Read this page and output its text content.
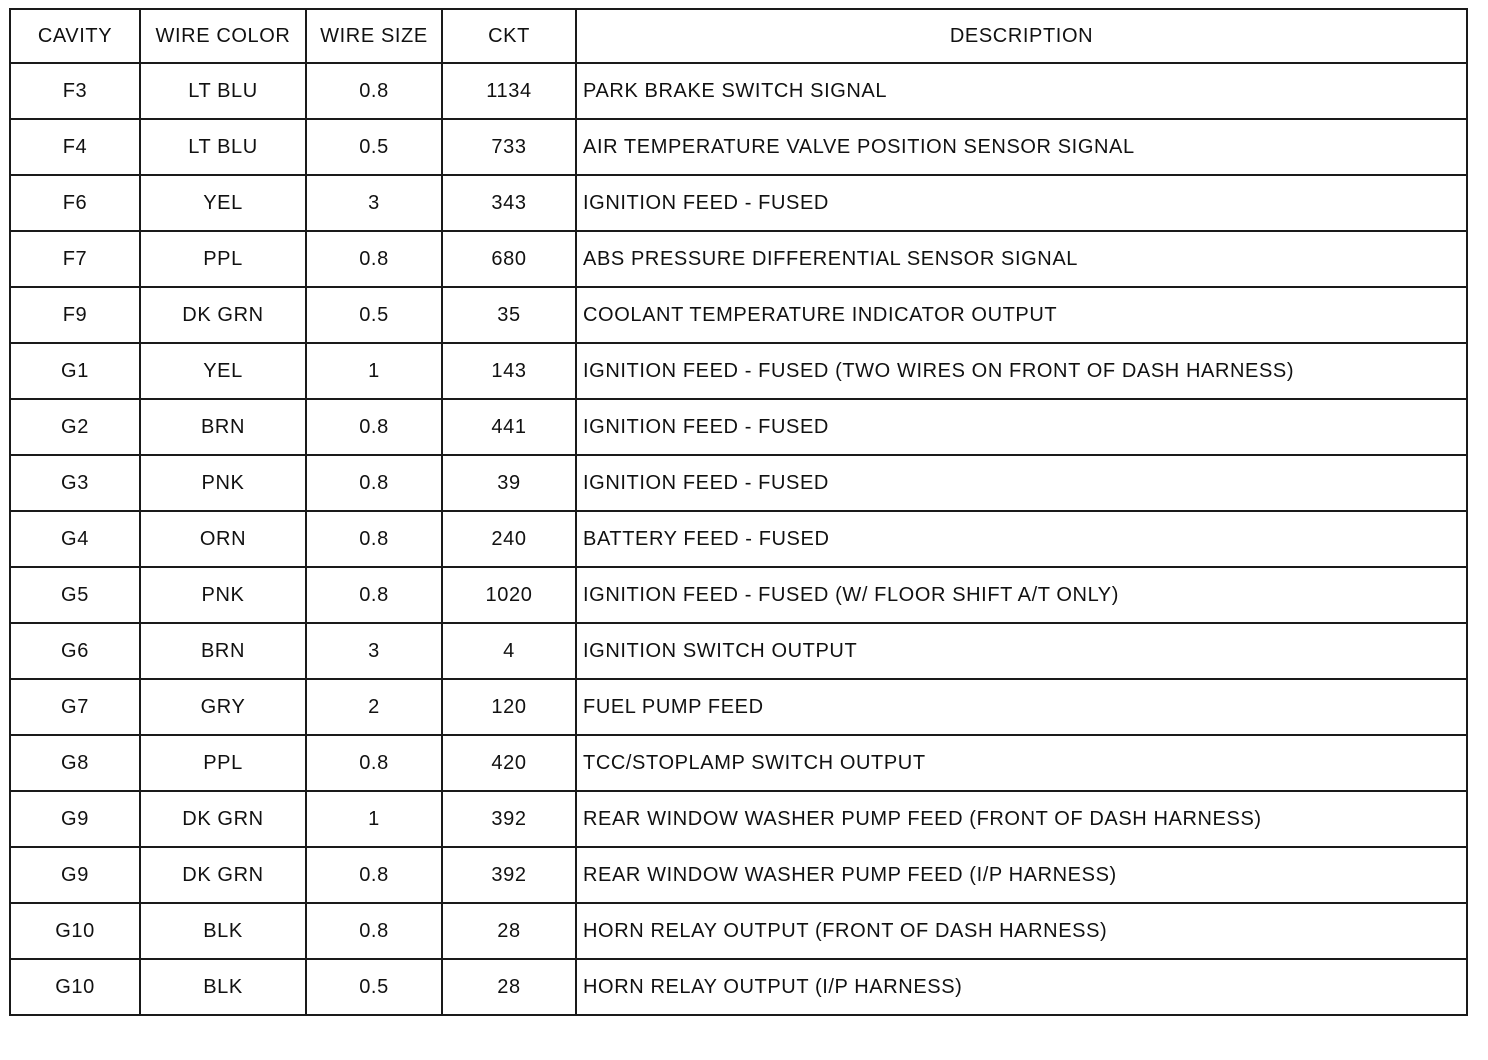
CAVITY	WIRE COLOR	WIRE SIZE	CKT	DESCRIPTION
F3	LT BLU	0.8	1134	PARK BRAKE SWITCH SIGNAL
F4	LT BLU	0.5	733	AIR TEMPERATURE VALVE POSITION SENSOR SIGNAL
F6	YEL	3	343	IGNITION FEED - FUSED
F7	PPL	0.8	680	ABS PRESSURE DIFFERENTIAL SENSOR SIGNAL
F9	DK GRN	0.5	35	COOLANT TEMPERATURE INDICATOR OUTPUT
G1	YEL	1	143	IGNITION FEED - FUSED (TWO WIRES ON FRONT OF DASH HARNESS)
G2	BRN	0.8	441	IGNITION FEED - FUSED
G3	PNK	0.8	39	IGNITION FEED - FUSED
G4	ORN	0.8	240	BATTERY FEED - FUSED
G5	PNK	0.8	1020	IGNITION FEED - FUSED (W/ FLOOR SHIFT A/T ONLY)
G6	BRN	3	4	IGNITION SWITCH OUTPUT
G7	GRY	2	120	FUEL PUMP FEED
G8	PPL	0.8	420	TCC/STOPLAMP SWITCH OUTPUT
G9	DK GRN	1	392	REAR WINDOW WASHER PUMP FEED (FRONT OF DASH HARNESS)
G9	DK GRN	0.8	392	REAR WINDOW WASHER PUMP FEED (I/P HARNESS)
G10	BLK	0.8	28	HORN RELAY OUTPUT (FRONT OF DASH HARNESS)
G10	BLK	0.5	28	HORN RELAY OUTPUT (I/P HARNESS)
